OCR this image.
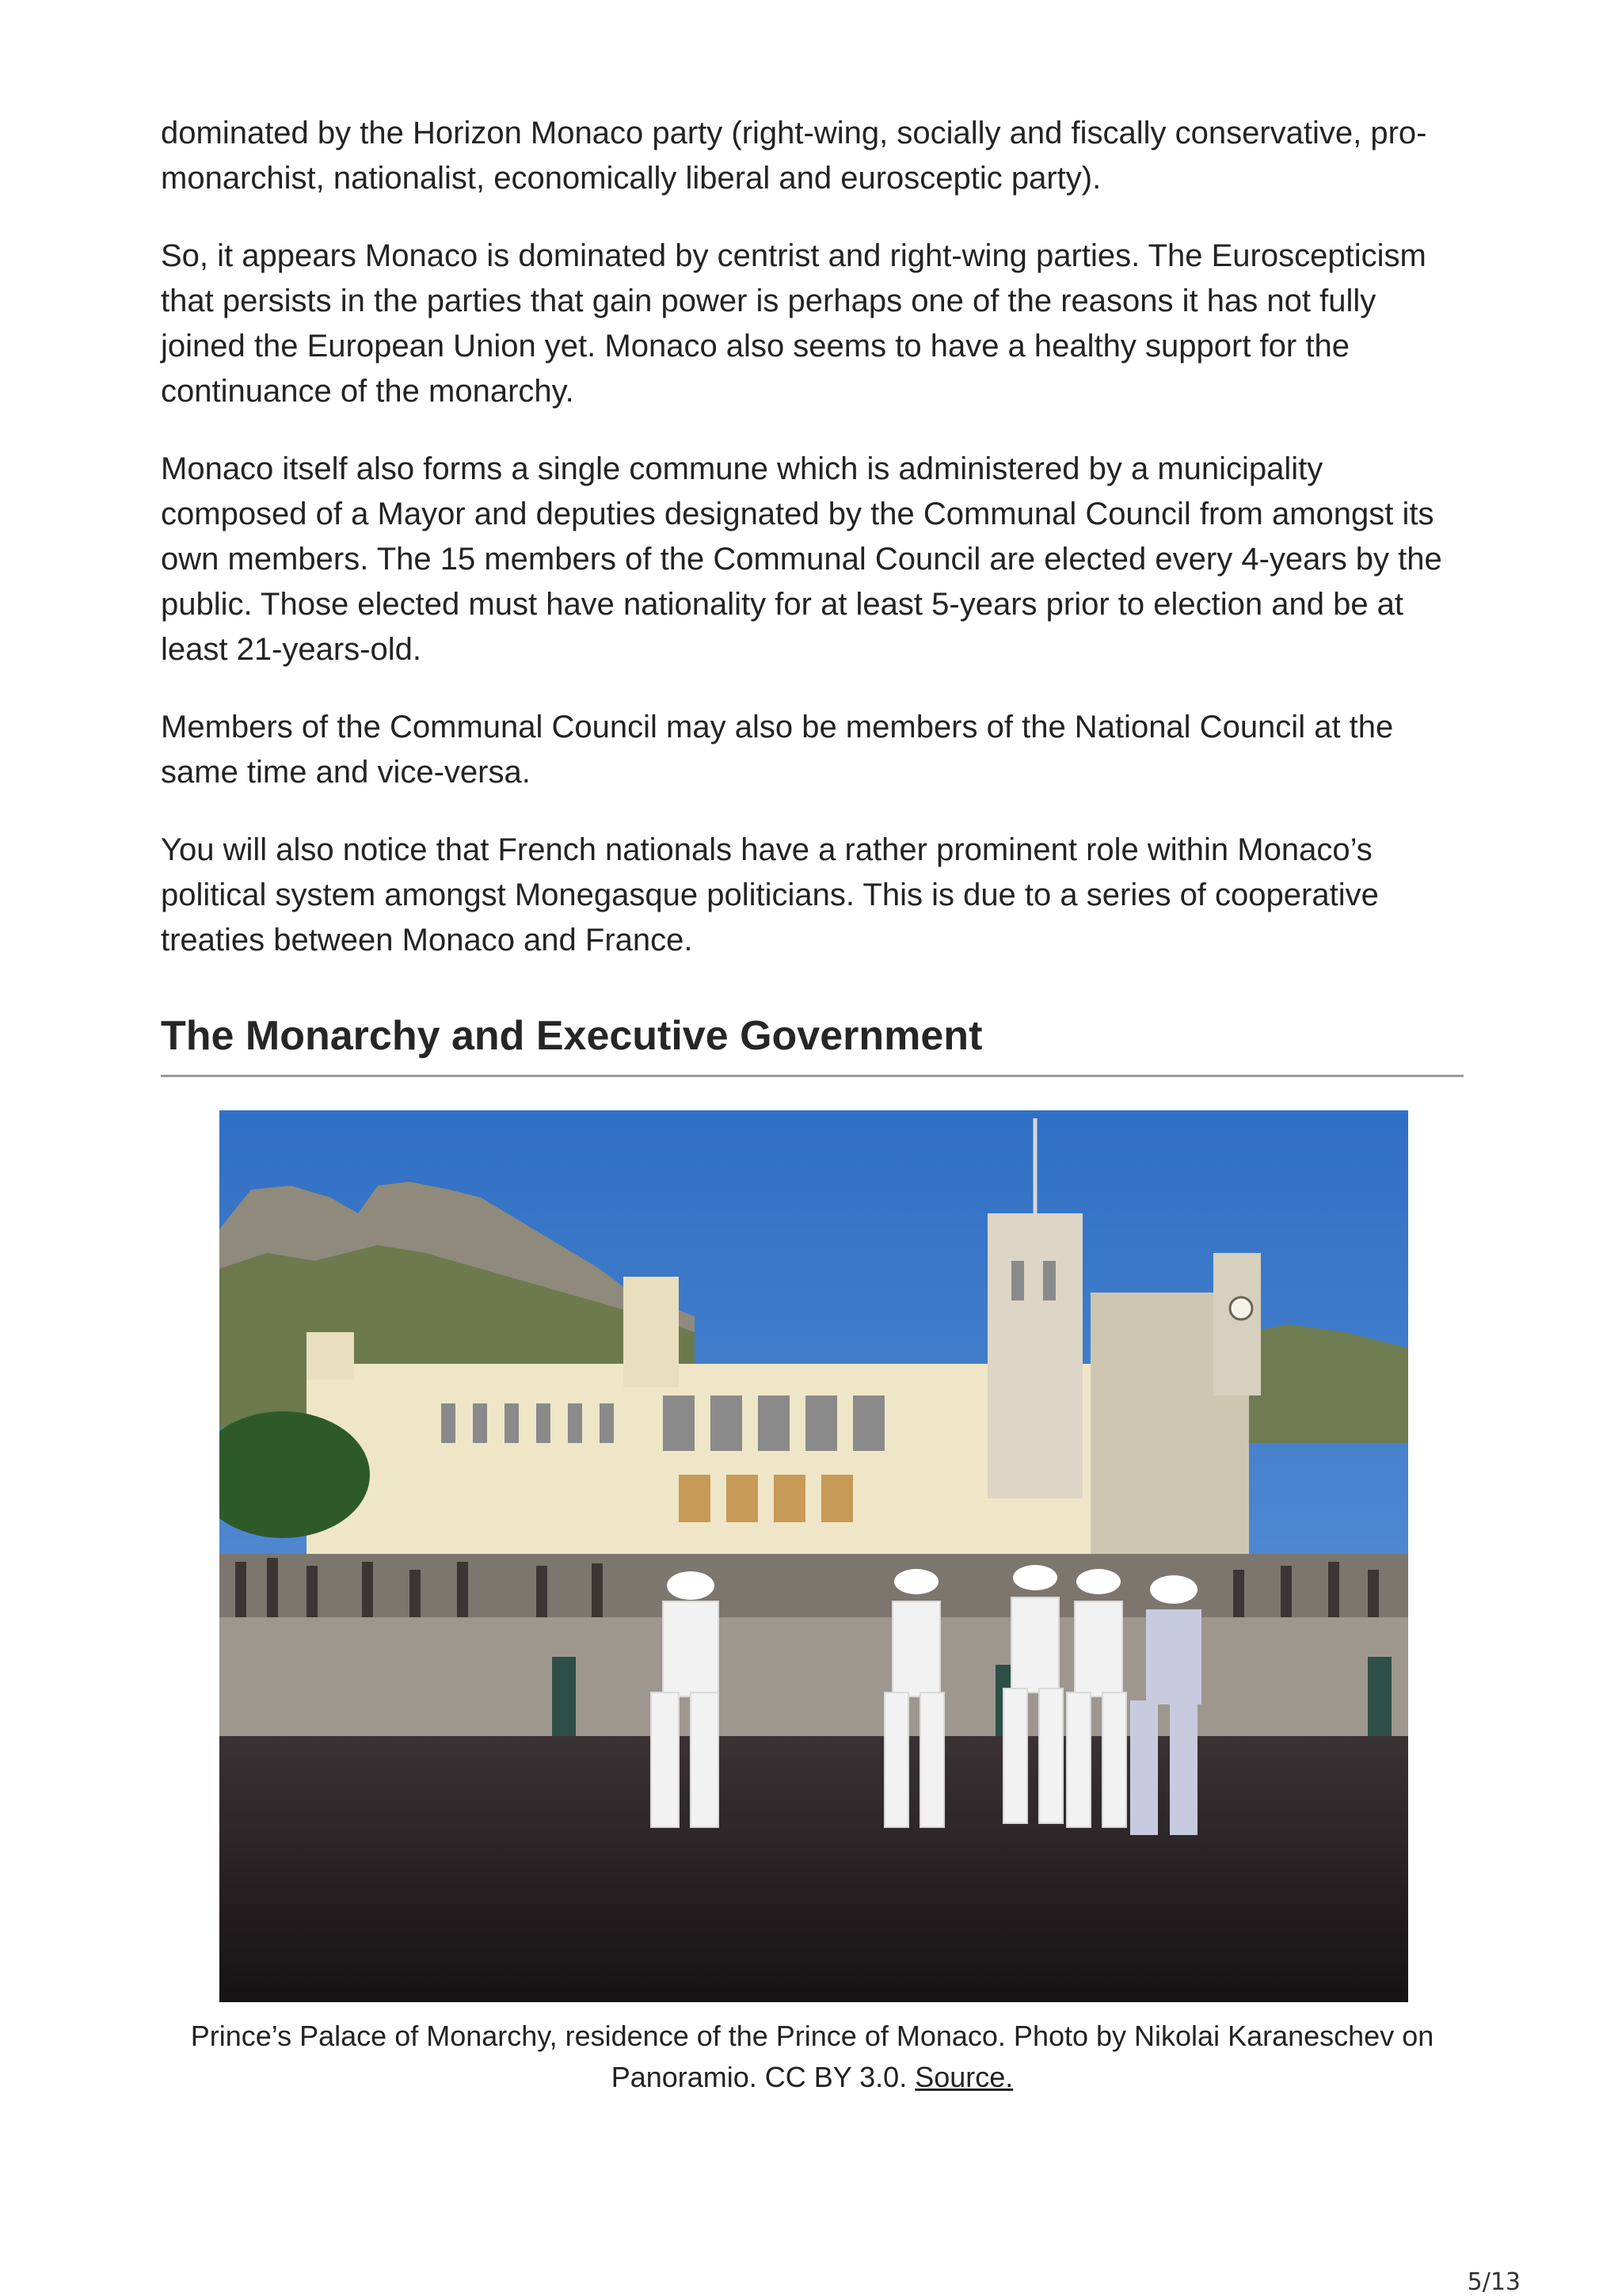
dominated by the Horizon Monaco party (right-wing, socially and fiscally conservative, pro-monarchist, nationalist, economically liberal and eurosceptic party).

So, it appears Monaco is dominated by centrist and right-wing parties. The Euroscepticism that persists in the parties that gain power is perhaps one of the reasons it has not fully joined the European Union yet. Monaco also seems to have a healthy support for the continuance of the monarchy.

Monaco itself also forms a single commune which is administered by a municipality composed of a Mayor and deputies designated by the Communal Council from amongst its own members. The 15 members of the Communal Council are elected every 4-years by the public. Those elected must have nationality for at least 5-years prior to election and be at least 21-years-old.

Members of the Communal Council may also be members of the National Council at the same time and vice-versa.

You will also notice that French nationals have a rather prominent role within Monaco’s political system amongst Monegasque politicians. This is due to a series of cooperative treaties between Monaco and France.

The Monarchy and Executive Government
Prince’s Palace of Monarchy, residence of the Prince of Monaco. Photo by Nikolai Karaneschev on Panoramio. CC BY 3.0. Source.
5/13
